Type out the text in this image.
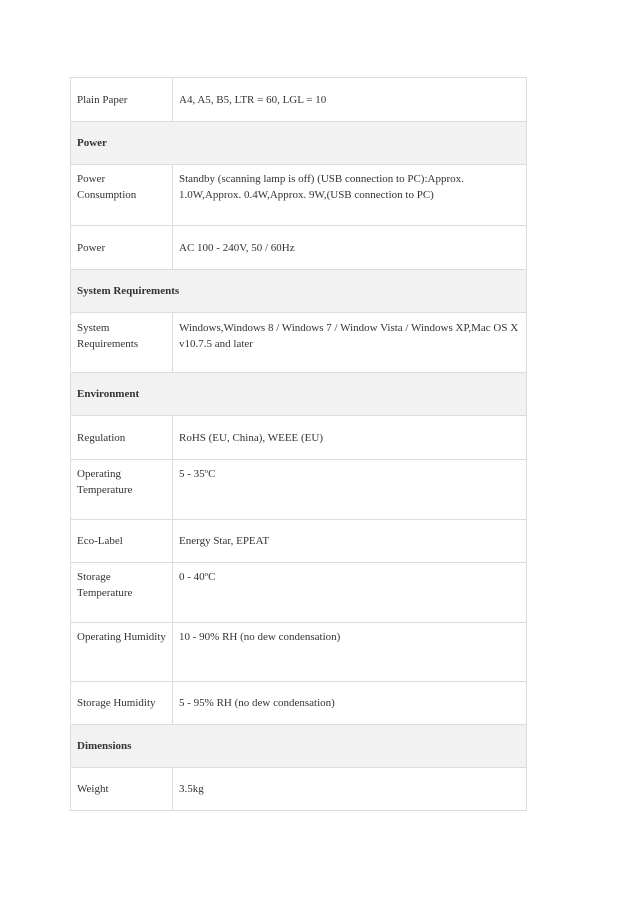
Plain Paper	A4, A5, B5, LTR = 60, LGL = 10
Power	
Power Consumption	Standby (scanning lamp is off) (USB connection to PC):Approx. 1.0W,Approx. 0.4W,Approx. 9W,(USB connection to PC)
Power	AC 100 - 240V, 50 / 60Hz
System Requirements	
System Requirements	Windows,Windows 8 / Windows 7 / Window Vista / Windows XP,Mac OS X v10.7.5 and later
Environment	
Regulation	RoHS (EU, China), WEEE (EU)
Operating Temperature	5 - 35ºC
Eco-Label	Energy Star, EPEAT
Storage Temperature	0 - 40ºC
Operating Humidity	10 - 90% RH (no dew condensation)
Storage Humidity	5 - 95% RH (no dew condensation)
Dimensions	
Weight	3.5kg
